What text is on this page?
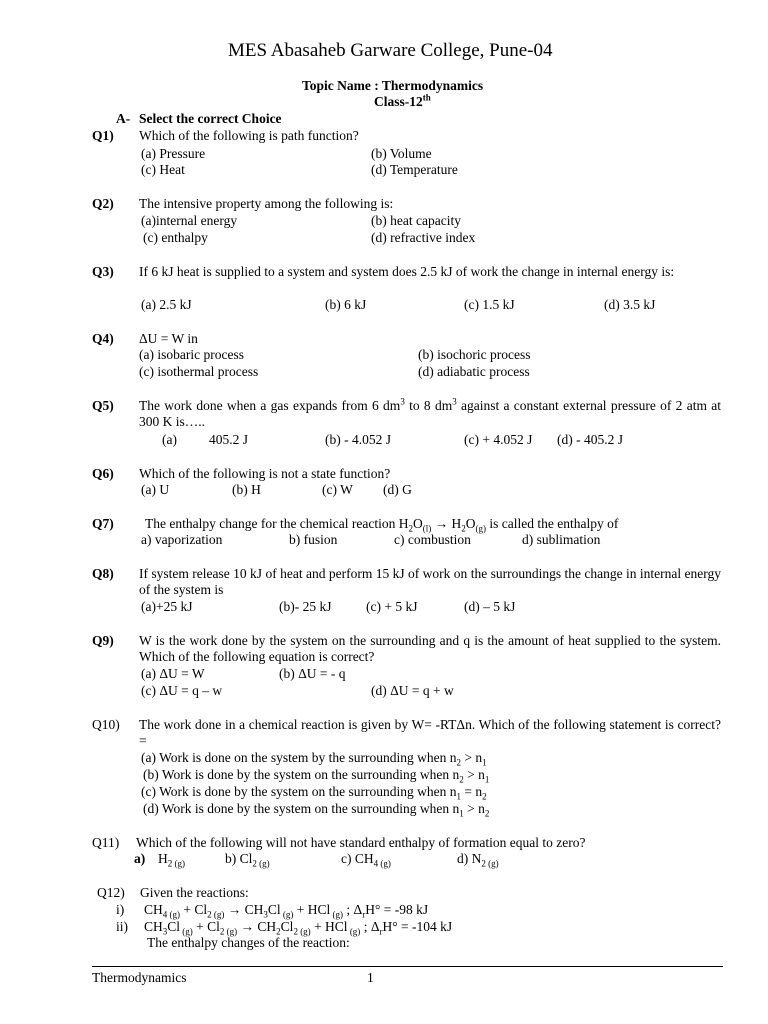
MES Abasaheb Garware College, Pune-04
Topic Name : Thermodynamics
Class-12th
A- Select the correct Choice
Q1) Which of the following is path function?
(a) Pressure	(b) Volume
(c) Heat	(d) Temperature
Q2) The intensive property among the following is:
(a)internal energy	(b) heat capacity
(c) enthalpy	(d) refractive index
Q3) If 6 kJ heat is supplied to a system and system does 2.5 kJ of work the change in internal energy is:
(a) 2.5 kJ	(b) 6 kJ	(c) 1.5 kJ	(d) 3.5 kJ
Q4) ΔU = W in
(a) isobaric process	(b) isochoric process
(c) isothermal process	(d) adiabatic process
Q5) The work done when a gas expands from 6 $dm^3$ to 8 $dm^3$ against a constant external pressure of 2 atm at 300 K is…..
(a) 405.2 J	(b) - 4.052 J	(c) + 4.052 J (d) - 405.2 J
Q6) Which of the following is not a state function?
(a) U	(b) H	(c) W (d) G
Q7) The enthalpy change for the chemical reaction $H_2O_{(l)} \to H_2O_{(g)}$ is called the enthalpy of
a) vaporization	b) fusion	c) combustion	d) sublimation
Q8) If system release 10 kJ of heat and perform 15 kJ of work on the surroundings the change in internal energy of the system is
(a)+25 kJ	(b)- 25 kJ	(c) + 5 kJ	(d) – 5 kJ
Q9) W is the work done by the system on the surrounding and q is the amount of heat supplied to the system. Which of the following equation is correct?
(a) ΔU = W	(b) ΔU = - q
(c) ΔU = q – w	(d) ΔU = q + w
Q10) The work done in a chemical reaction is given by W= -RTΔn. Which of the following statement is correct? =
(a) Work is done on the system by the surrounding when $n_2 > n_1$
(b) Work is done by the system on the surrounding when $n_2 > n_1$
(c) Work is done by the system on the surrounding when $n_1 = n_2$
(d) Work is done by the system on the surrounding when $n_1 > n_2$
Q11) Which of the following will not have standard enthalpy of formation equal to zero?
a) $H_{2 (g)}$	b) $Cl_{2 (g)}$	c) $CH_{4 (g)}$	d) $N_{2 (g)}$
Q12) Given the reactions:
i) $CH_{4 (g)} + Cl_{2 (g)} \to CH_3Cl$ $_{(g)}$ + HCl $_{(g)}$ ; $\Delta_rH^\circ = -98$ kJ
ii) $CH_3Cl$ $_{(g)} + Cl_{2 (g)} \to CH_2Cl_2$ $_{(g)}$ + HCl $_{(g)}$ ; $\Delta_rH^\circ = -104$ kJ
The enthalpy changes of the reaction:
Thermodynamics	1
